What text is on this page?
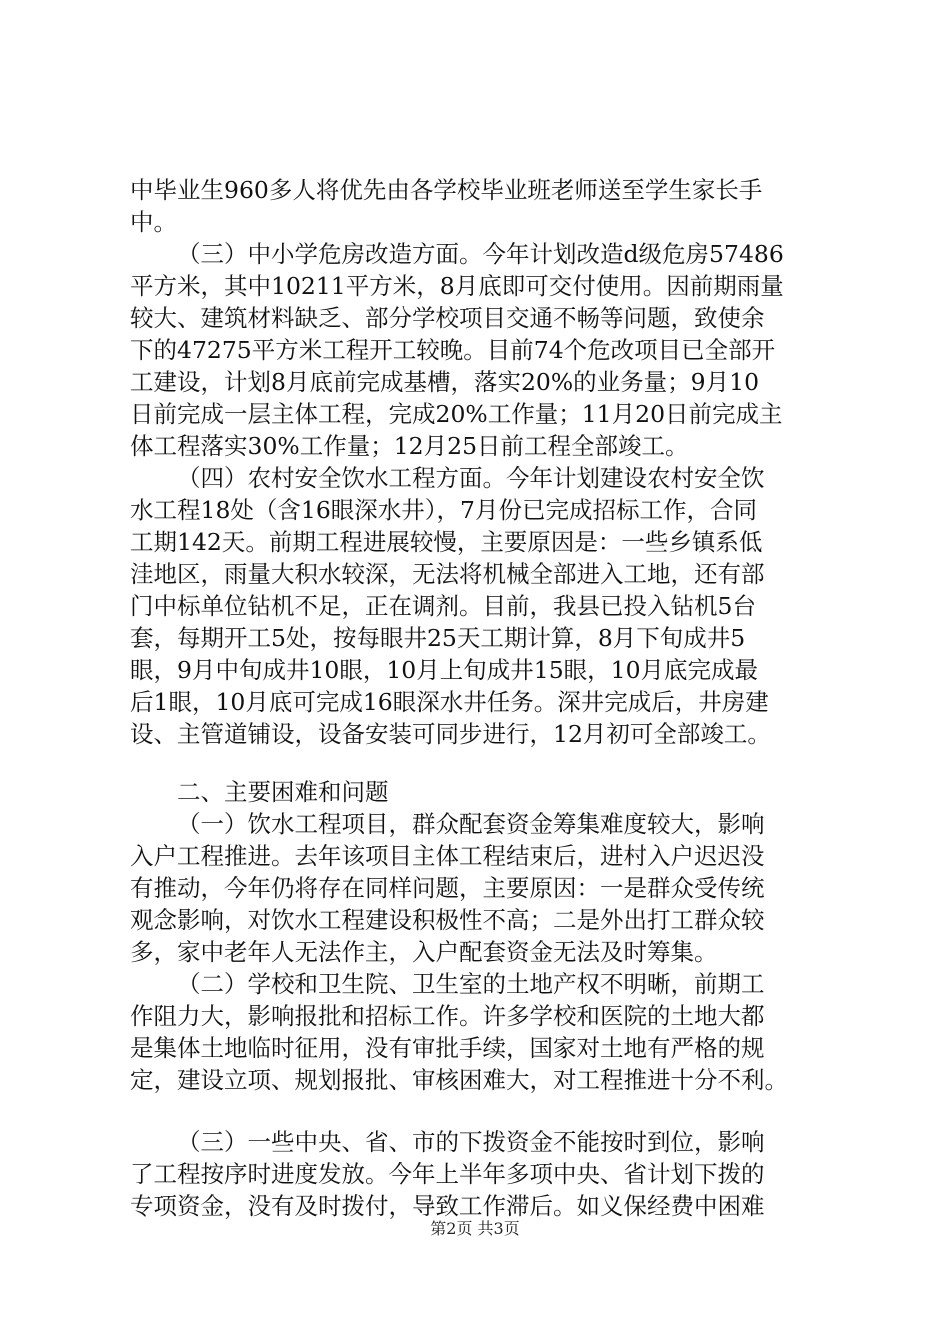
中毕业生960多人将优先由各学校毕业班老师送至学生家长手
中。
（三）中小学危房改造方面。今年计划改造d级危房57486
平方米，其中10211平方米，8月底即可交付使用。因前期雨量
较大、建筑材料缺乏、部分学校项目交通不畅等问题，致使余
下的47275平方米工程开工较晚。目前74个危改项目已全部开
工建设，计划8月底前完成基槽，落实20%的业务量；9月10
日前完成一层主体工程，完成20%工作量；11月20日前完成主
体工程落实30%工作量；12月25日前工程全部竣工。
（四）农村安全饮水工程方面。今年计划建设农村安全饮
水工程18处（含16眼深水井），7月份已完成招标工作，合同
工期142天。前期工程进展较慢，主要原因是：一些乡镇系低
洼地区，雨量大积水较深，无法将机械全部进入工地，还有部
门中标单位钻机不足，正在调剂。目前，我县已投入钻机5台
套，每期开工5处，按每眼井25天工期计算，8月下旬成井5
眼，9月中旬成井10眼，10月上旬成井15眼，10月底完成最
后1眼，10月底可完成16眼深水井任务。深井完成后，井房建
设、主管道铺设，设备安装可同步进行，12月初可全部竣工。
二、主要困难和问题
（一）饮水工程项目，群众配套资金筹集难度较大，影响
入户工程推进。去年该项目主体工程结束后，进村入户迟迟没
有推动，今年仍将存在同样问题，主要原因：一是群众受传统
观念影响，对饮水工程建设积极性不高；二是外出打工群众较
多，家中老年人无法作主，入户配套资金无法及时筹集。
（二）学校和卫生院、卫生室的土地产权不明晰，前期工
作阻力大，影响报批和招标工作。许多学校和医院的土地大都
是集体土地临时征用，没有审批手续，国家对土地有严格的规
定，建设立项、规划报批、审核困难大，对工程推进十分不利。
（三）一些中央、省、市的下拨资金不能按时到位，影响
了工程按序时进度发放。今年上半年多项中央、省计划下拨的
专项资金，没有及时拨付，导致工作滞后。如义保经费中困难
第2页 共3页
